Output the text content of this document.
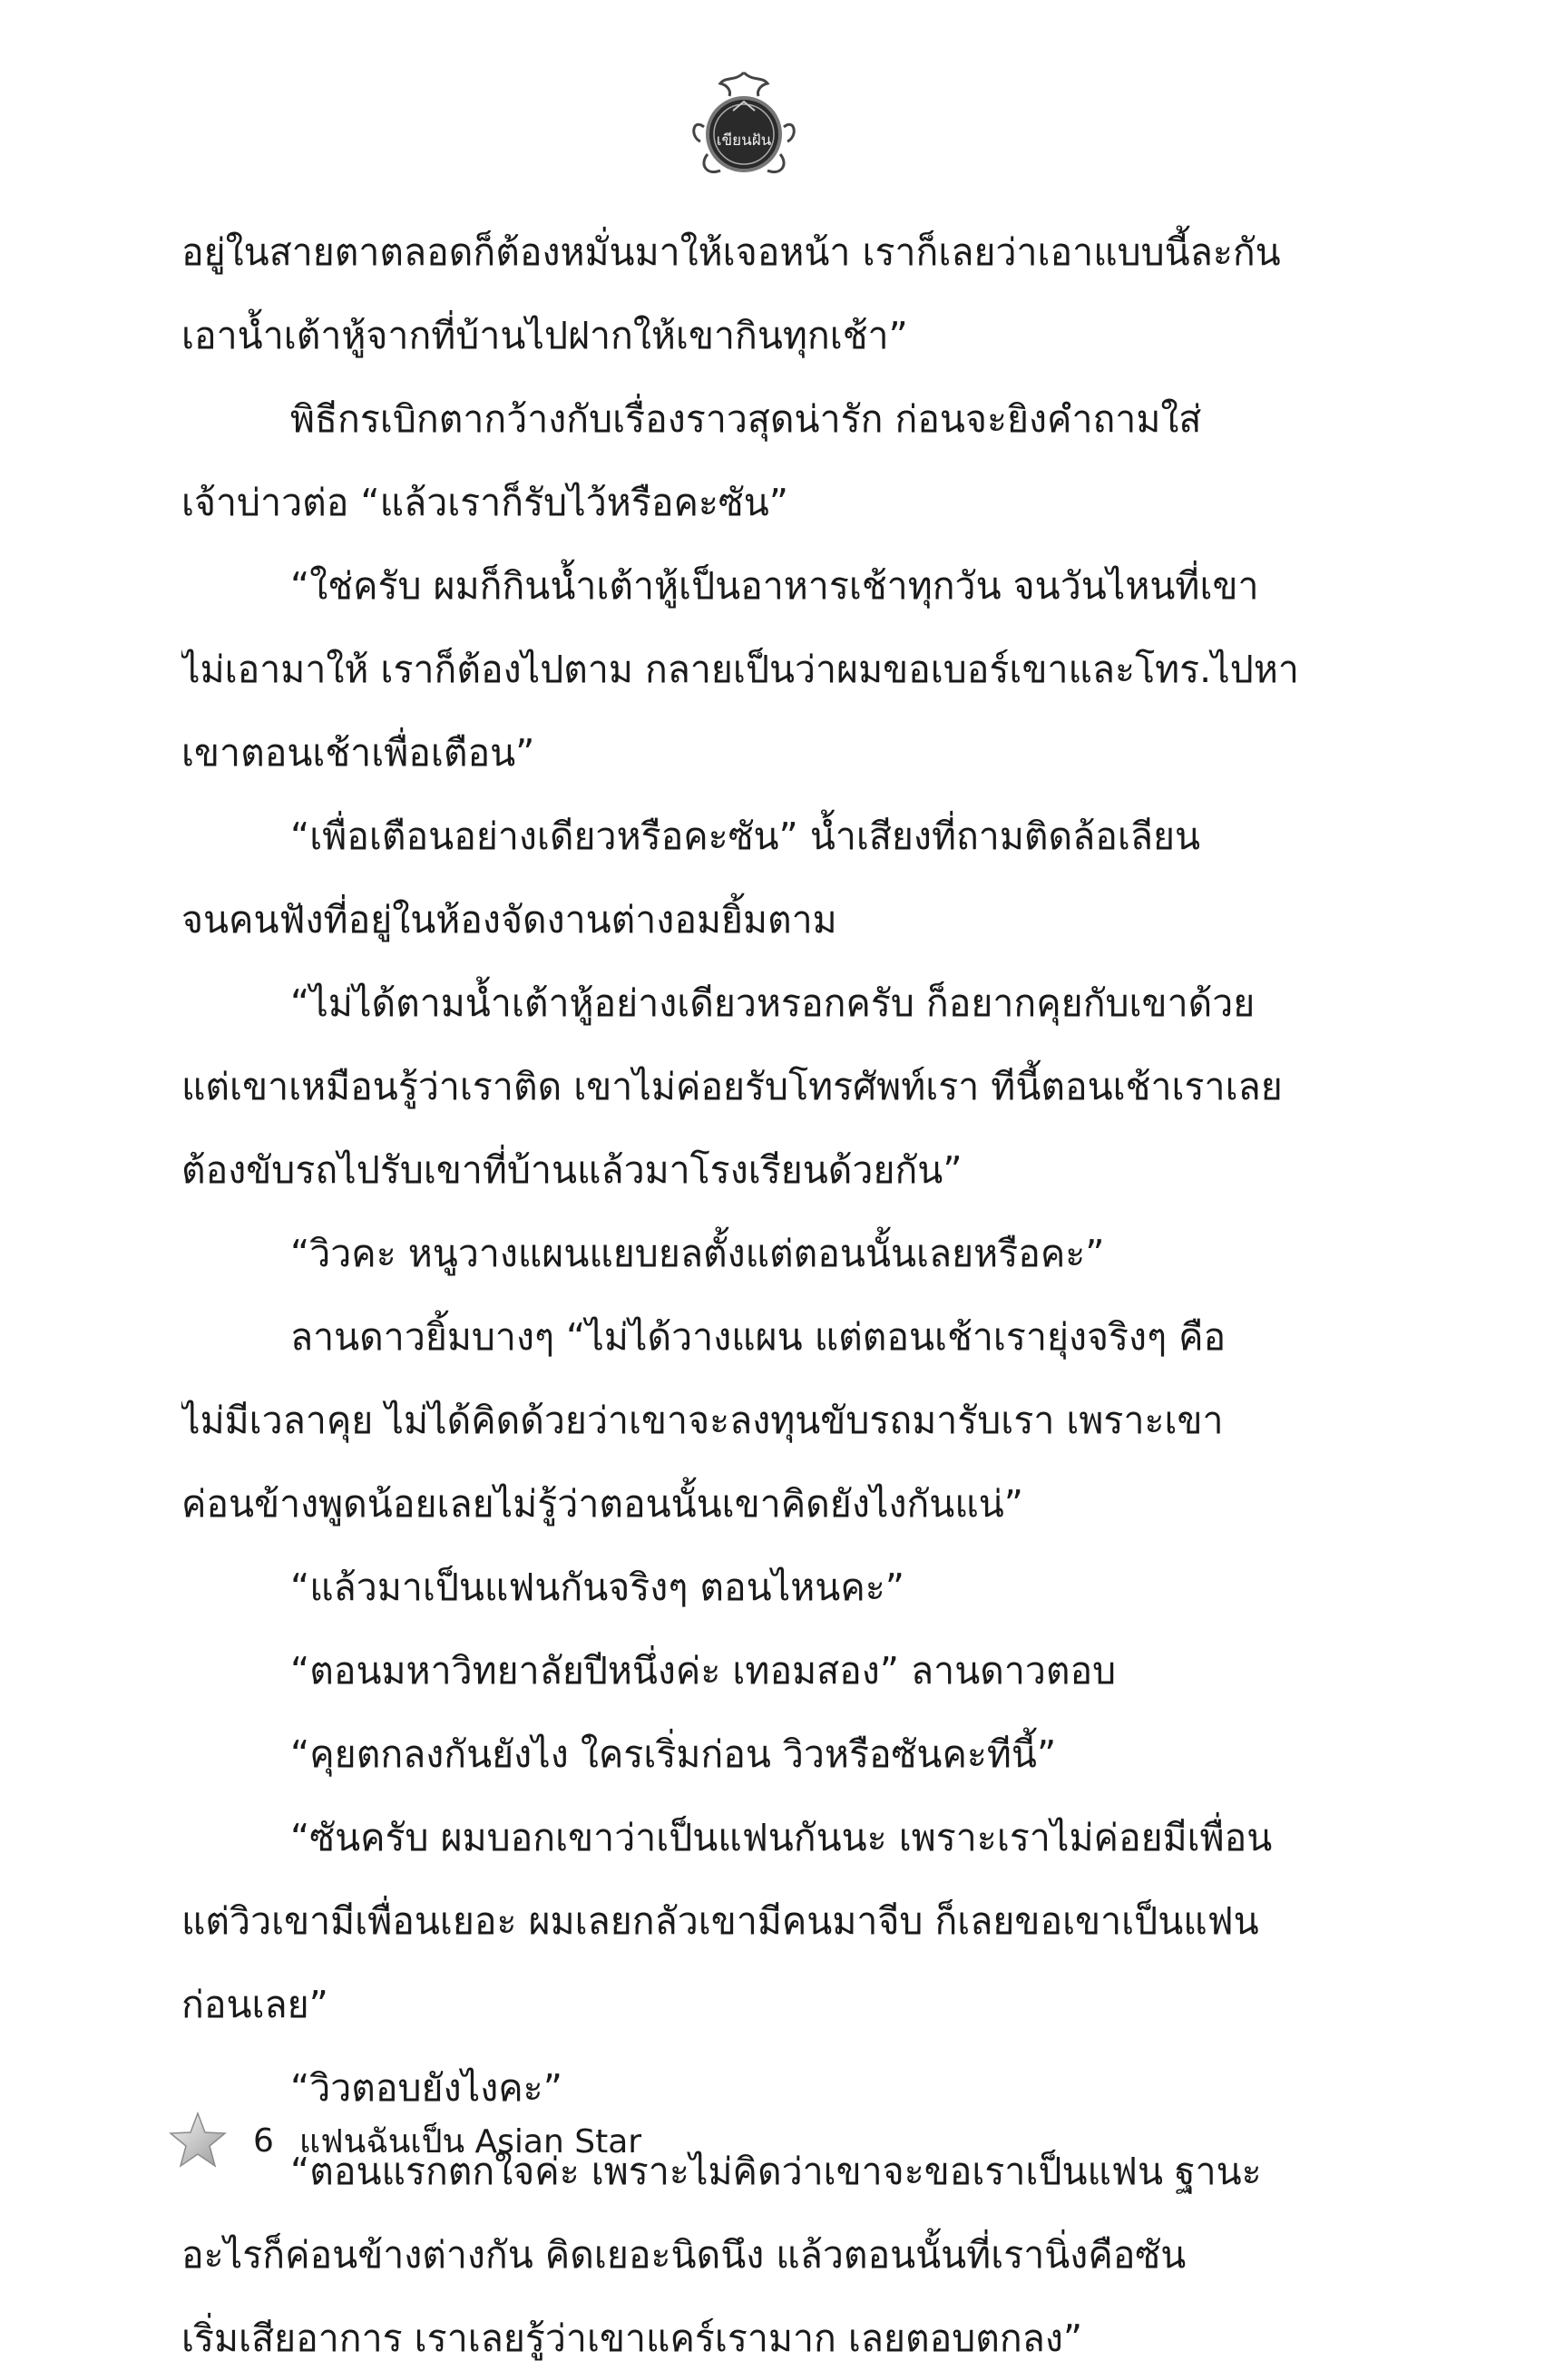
เขียนฝัน
อยู่ในสายตาตลอดก็ต้องหมั่นมาให้เจอหน้า เราก็เลยว่าเอาแบบนี้ละกัน
เอาน้ำเต้าหู้จากที่บ้านไปฝากให้เขากินทุกเช้า”
พิธีกรเบิกตากว้างกับเรื่องราวสุดน่ารัก ก่อนจะยิงคำถามใส่
เจ้าบ่าวต่อ “แล้วเราก็รับไว้หรือคะซัน”
“ใช่ครับ ผมก็กินน้ำเต้าหู้เป็นอาหารเช้าทุกวัน จนวันไหนที่เขา
ไม่เอามาให้ เราก็ต้องไปตาม กลายเป็นว่าผมขอเบอร์เขาและโทร.ไปหา
เขาตอนเช้าเพื่อเตือน”
“เพื่อเตือนอย่างเดียวหรือคะซัน” น้ำเสียงที่ถามติดล้อเลียน
จนคนฟังที่อยู่ในห้องจัดงานต่างอมยิ้มตาม
“ไม่ได้ตามน้ำเต้าหู้อย่างเดียวหรอกครับ ก็อยากคุยกับเขาด้วย
แต่เขาเหมือนรู้ว่าเราติด เขาไม่ค่อยรับโทรศัพท์เรา ทีนี้ตอนเช้าเราเลย
ต้องขับรถไปรับเขาที่บ้านแล้วมาโรงเรียนด้วยกัน”
“วิวคะ หนูวางแผนแยบยลตั้งแต่ตอนนั้นเลยหรือคะ”
ลานดาวยิ้มบางๆ “ไม่ได้วางแผน แต่ตอนเช้าเรายุ่งจริงๆ คือ
ไม่มีเวลาคุย ไม่ได้คิดด้วยว่าเขาจะลงทุนขับรถมารับเรา เพราะเขา
ค่อนข้างพูดน้อยเลยไม่รู้ว่าตอนนั้นเขาคิดยังไงกันแน่”
“แล้วมาเป็นแฟนกันจริงๆ ตอนไหนคะ”
“ตอนมหาวิทยาลัยปีหนึ่งค่ะ เทอมสอง” ลานดาวตอบ
“คุยตกลงกันยังไง ใครเริ่มก่อน วิวหรือซันคะทีนี้”
“ซันครับ ผมบอกเขาว่าเป็นแฟนกันนะ เพราะเราไม่ค่อยมีเพื่อน
แต่วิวเขามีเพื่อนเยอะ ผมเลยกลัวเขามีคนมาจีบ ก็เลยขอเขาเป็นแฟน
ก่อนเลย”
“วิวตอบยังไงคะ”
“ตอนแรกตกใจค่ะ เพราะไม่คิดว่าเขาจะขอเราเป็นแฟน ฐานะ
อะไรก็ค่อนข้างต่างกัน คิดเยอะนิดนึง แล้วตอนนั้นที่เรานิ่งคือซัน
เริ่มเสียอาการ เราเลยรู้ว่าเขาแคร์เรามาก เลยตอบตกลง”
6 แฟนฉันเป็น Asian Star
